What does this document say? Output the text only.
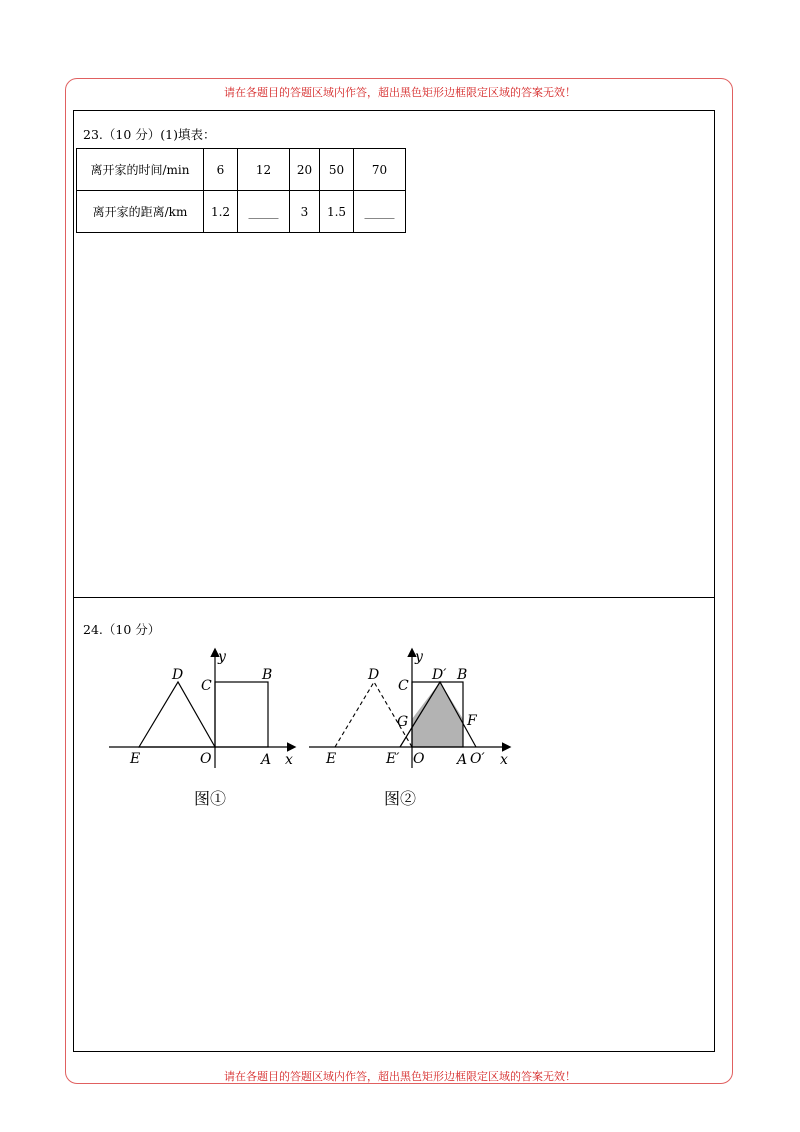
请在各题目的答题区域内作答，超出黑色矩形边框限定区域的答案无效！
23.（10 分）(1)填表：
离开家的时间/min	6	12	20	50	70
离开家的距离/km	1.2	_____	3	1.5	_____
24.（10 分）
y
x
D
C
B
E	O	A
图①
y
x
D	D′ B
C
G	F
E	E′ O A O′
图②
请在各题目的答题区域内作答，超出黑色矩形边框限定区域的答案无效！
